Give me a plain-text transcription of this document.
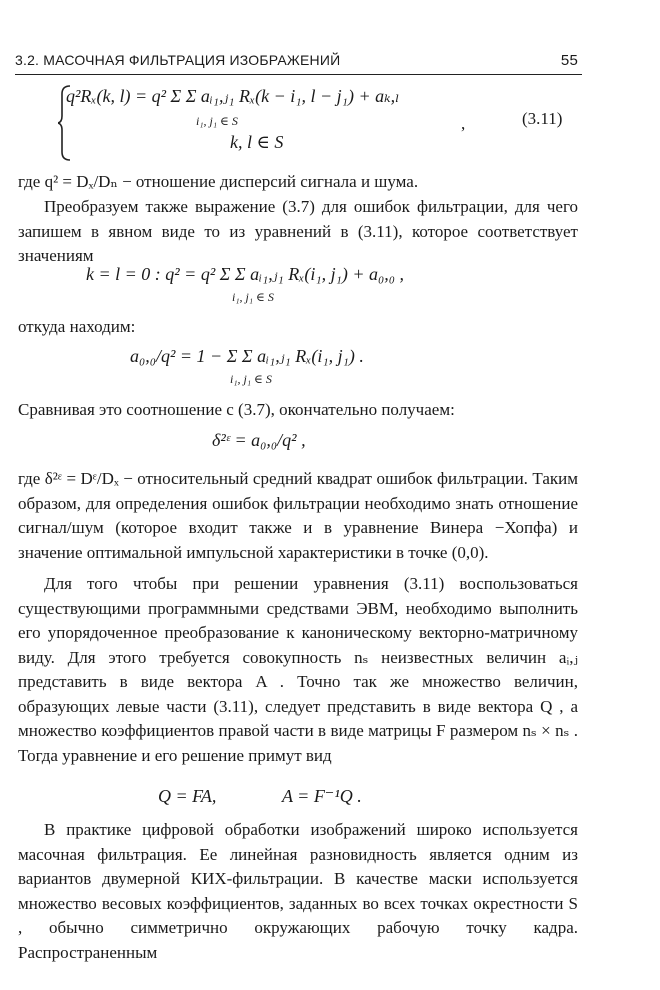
3.2. МАСОЧНАЯ ФИЛЬТРАЦИЯ ИЗОБРАЖЕНИЙ	55
q²Rₓ(k, l) = q² Σ Σ aᵢ₁,ⱼ₁ Rₓ(k − i₁, l − j₁) + aₖ,ₗ
i₁, j₁ ∈ S	,
k, l ∈ S
(3.11)
где q² = Dₓ/Dₙ − отношение дисперсий сигнала и шума.
Преобразуем также выражение (3.7) для ошибок фильтрации, для чего запишем в явном виде то из уравнений в (3.11), которое соответствует значениям
k = l = 0 : q² = q² Σ Σ aᵢ₁,ⱼ₁ Rₓ(i₁, j₁) + a₀,₀ ,
i₁, j₁ ∈ S
откуда находим:
a₀,₀/q² = 1 − Σ Σ aᵢ₁,ⱼ₁ Rₓ(i₁, j₁) .
i₁, j₁ ∈ S
Сравнивая это соотношение с (3.7), окончательно получаем:
δ²ᵋ = a₀,₀/q² ,
где δ²ᵋ = Dᵋ/Dₓ − относительный средний квадрат ошибок фильтрации. Таким образом, для определения ошибок фильтрации необходимо знать отношение сигнал/шум (которое входит также и в уравнение Винера −Хопфа) и значение оптимальной импульсной характеристики в точке (0,0).
Для того чтобы при решении уравнения (3.11) воспользоваться существующими программными средствами ЭВМ, необходимо выполнить его упорядоченное преобразование к каноническому векторно-матричному виду. Для этого требуется совокупность nₛ неизвестных величин aᵢ,ⱼ представить в виде вектора A . Точно так же множество величин, образующих левые части (3.11), следует представить в виде вектора Q , а множество коэффициентов правой части в виде матрицы F размером nₛ × nₛ . Тогда уравнение и его решение примут вид
Q = FA,	A = F⁻¹Q .
В практике цифровой обработки изображений широко используется масочная фильтрация. Ее линейная разновидность является одним из вариантов двумерной КИХ-фильтрации. В качестве маски используется множество весовых коэффициентов, заданных во всех точках окрестности S , обычно симметрично окружающих рабочую точку кадра. Распространенным
